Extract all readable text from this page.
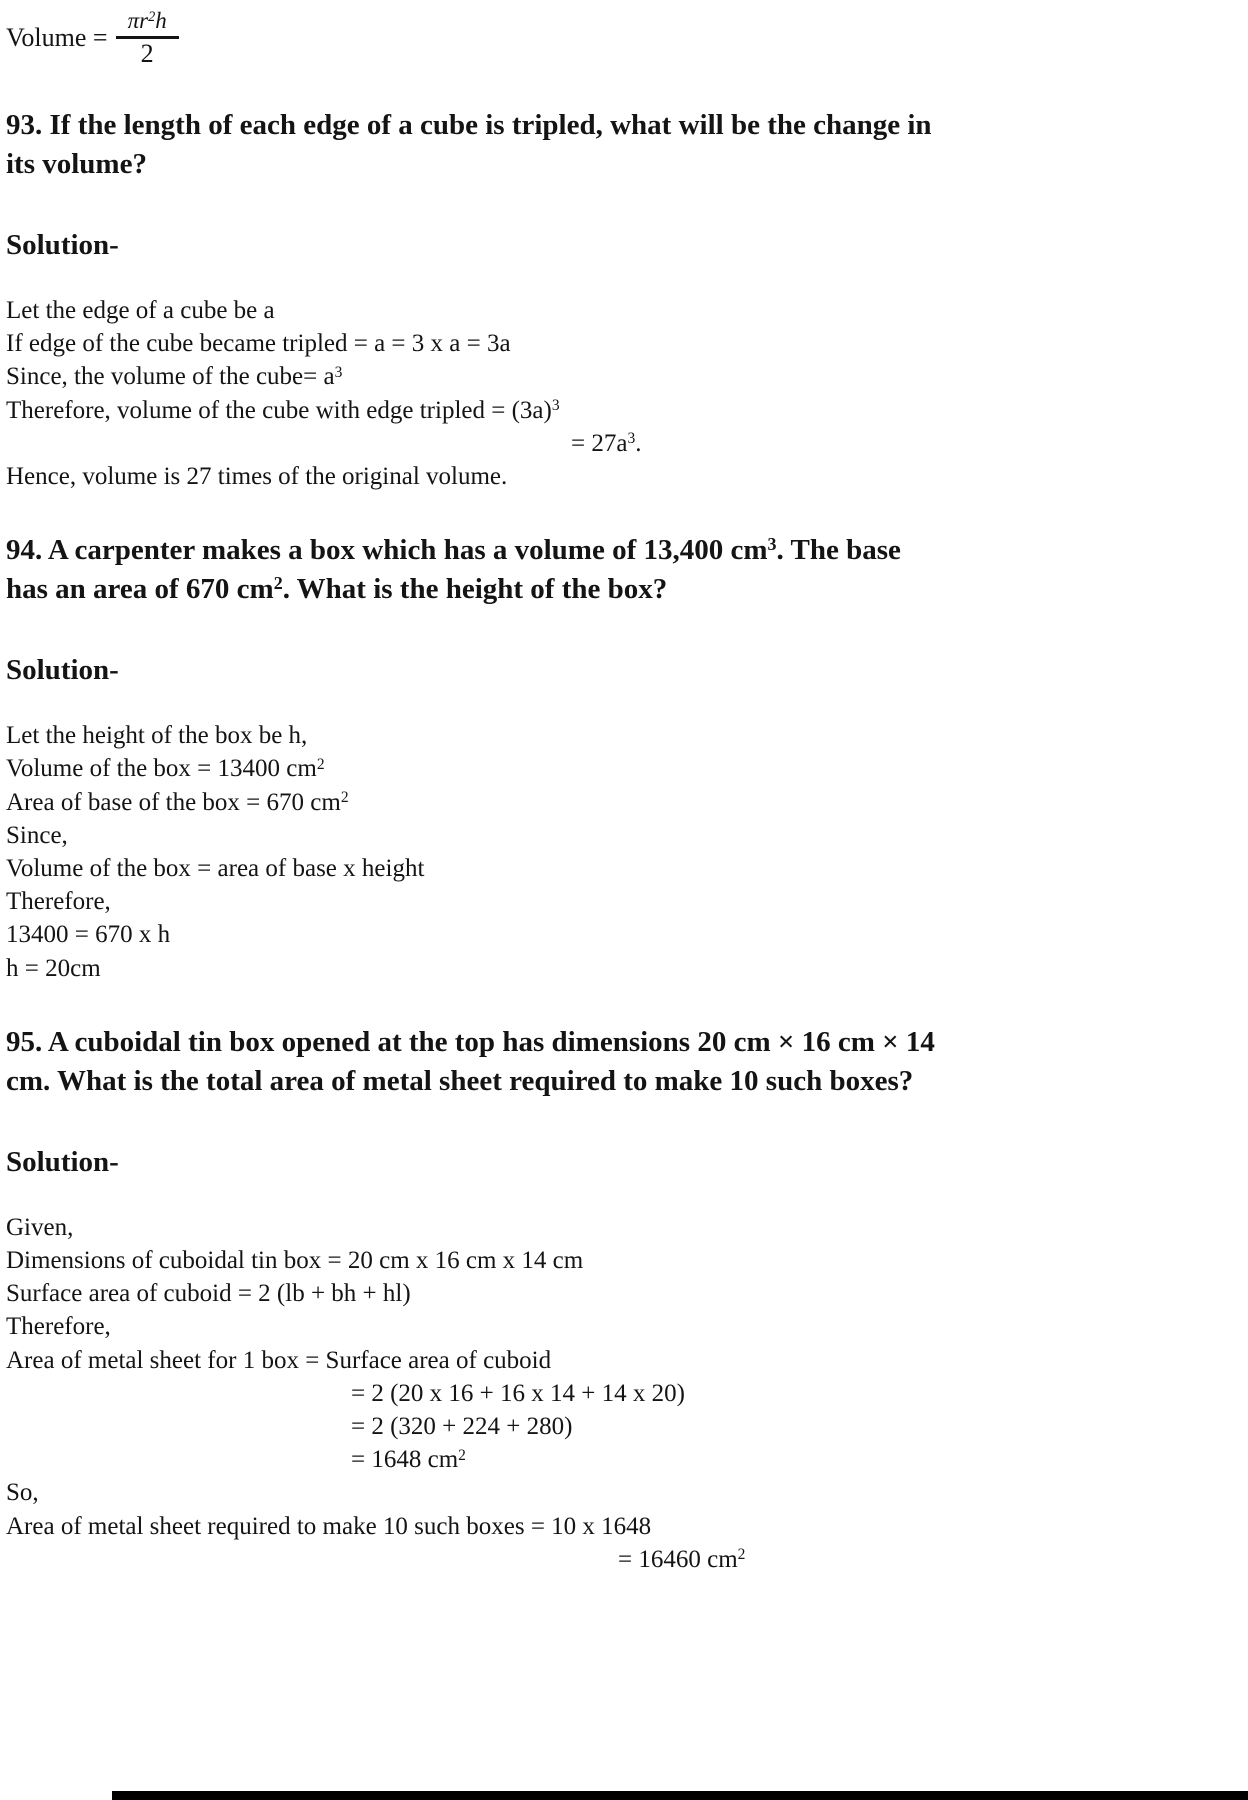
Volume = $\frac{\pi r^2h}{2}$
93. If the length of each edge of a cube is tripled, what will be the change in
its volume?
Solution-
Let the edge of a cube be a
If edge of the cube became tripled = a = 3 x a = 3a
Since, the volume of the cube= $a^3$
Therefore, volume of the cube with edge tripled = $(3a)^3$
= $27a^3$.
Hence, volume is 27 times of the original volume.
94. A carpenter makes a box which has a volume of 13,400 $cm^3$. The base
has an area of 670 $cm^2$. What is the height of the box?
Solution-
Let the height of the box be h,
Volume of the box = 13400 $cm^2$
Area of base of the box = 670 $cm^2$
Since,
Volume of the box = area of base x height
Therefore,
13400 = 670 x h
h = 20cm
95. A cuboidal tin box opened at the top has dimensions 20 cm × 16 cm × 14
cm. What is the total area of metal sheet required to make 10 such boxes?
Solution-
Given,
Dimensions of cuboidal tin box = 20 cm x 16 cm x 14 cm
Surface area of cuboid = 2 (lb + bh + hl)
Therefore,
Area of metal sheet for 1 box = Surface area of cuboid
= 2 (20 x 16 + 16 x 14 + 14 x 20)
= 2 (320 + 224 + 280)
= 1648 $cm^2$
So,
Area of metal sheet required to make 10 such boxes = 10 x 1648
= 16460 $cm^2$
